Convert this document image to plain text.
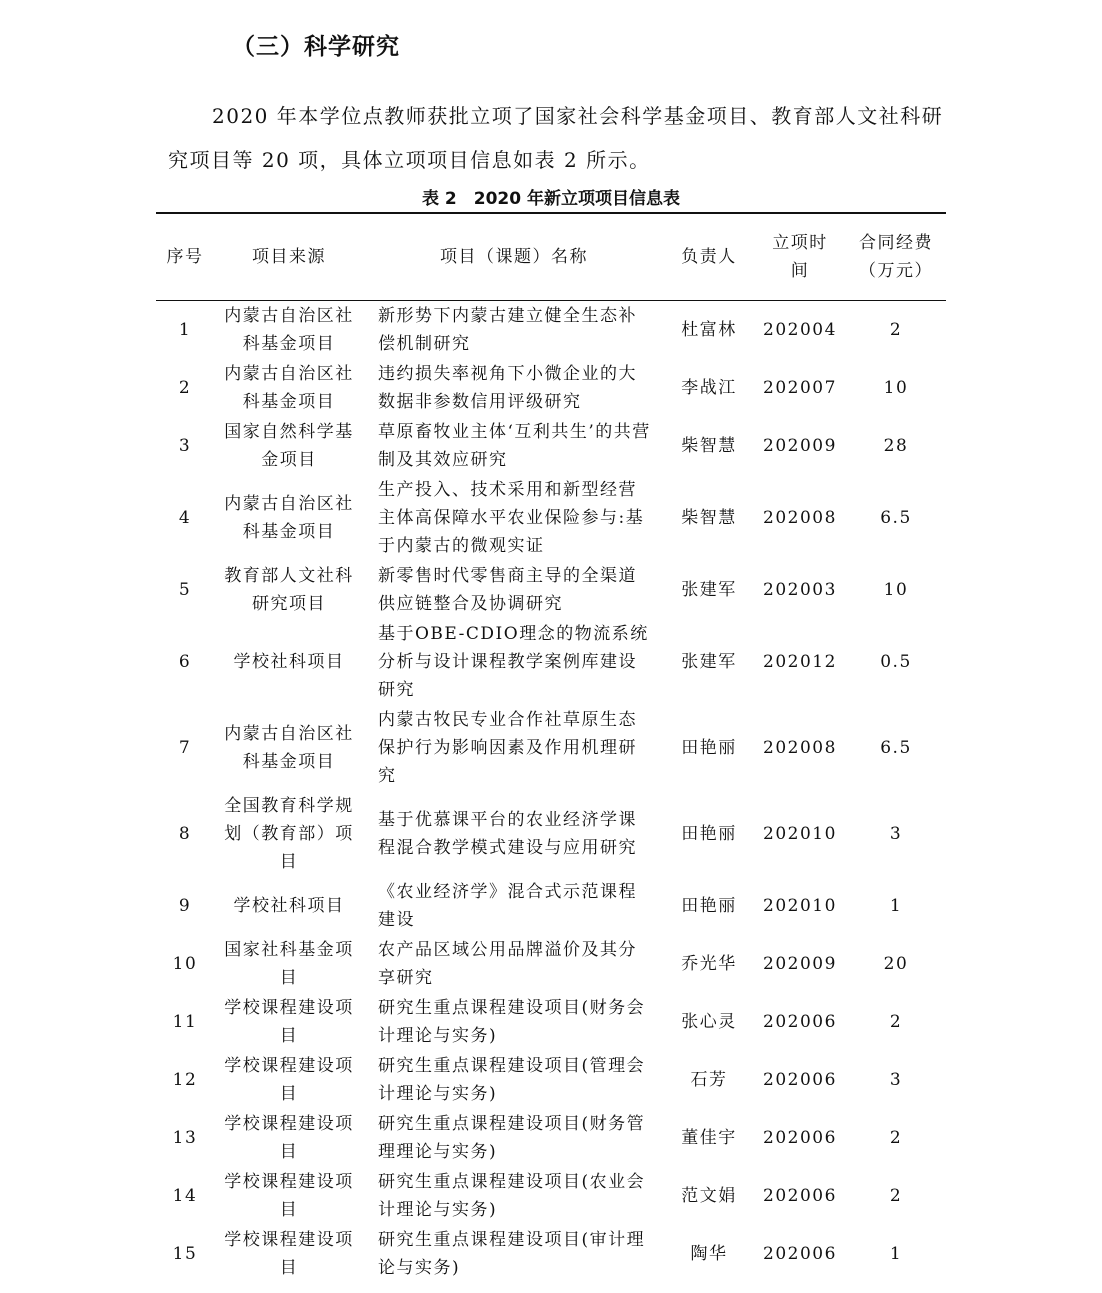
（三）科学研究

2020 年本学位点教师获批立项了国家社会科学基金项目、教育部人文社科研究项目等 20 项，具体立项项目信息如表 2 所示。

表 2　2020 年新立项项目信息表
序号	项目来源	项目（课题）名称	负责人	立项时间	合同经费（万元）
1	内蒙古自治区社科基金项目	新形势下内蒙古建立健全生态补偿机制研究	杜富林	202004	2
2	内蒙古自治区社科基金项目	违约损失率视角下小微企业的大数据非参数信用评级研究	李战江	202007	10
3	国家自然科学基金项目	草原畜牧业主体‘互利共生’的共营制及其效应研究	柴智慧	202009	28
4	内蒙古自治区社科基金项目	生产投入、技术采用和新型经营主体高保障水平农业保险参与:基于内蒙古的微观实证	柴智慧	202008	6.5
5	教育部人文社科研究项目	新零售时代零售商主导的全渠道供应链整合及协调研究	张建军	202003	10
6	学校社科项目	基于OBE-CDIO理念的物流系统分析与设计课程教学案例库建设研究	张建军	202012	0.5
7	内蒙古自治区社科基金项目	内蒙古牧民专业合作社草原生态保护行为影响因素及作用机理研究	田艳丽	202008	6.5
8	全国教育科学规划（教育部）项目	基于优慕课平台的农业经济学课程混合教学模式建设与应用研究	田艳丽	202010	3
9	学校社科项目	《农业经济学》混合式示范课程建设	田艳丽	202010	1
10	国家社科基金项目	农产品区域公用品牌溢价及其分享研究	乔光华	202009	20
11	学校课程建设项目	研究生重点课程建设项目(财务会计理论与实务)	张心灵	202006	2
12	学校课程建设项目	研究生重点课程建设项目(管理会计理论与实务)	石芳	202006	3
13	学校课程建设项目	研究生重点课程建设项目(财务管理理论与实务)	董佳宇	202006	2
14	学校课程建设项目	研究生重点课程建设项目(农业会计理论与实务)	范文娟	202006	2
15	学校课程建设项目	研究生重点课程建设项目(审计理论与实务)	陶华	202006	1
